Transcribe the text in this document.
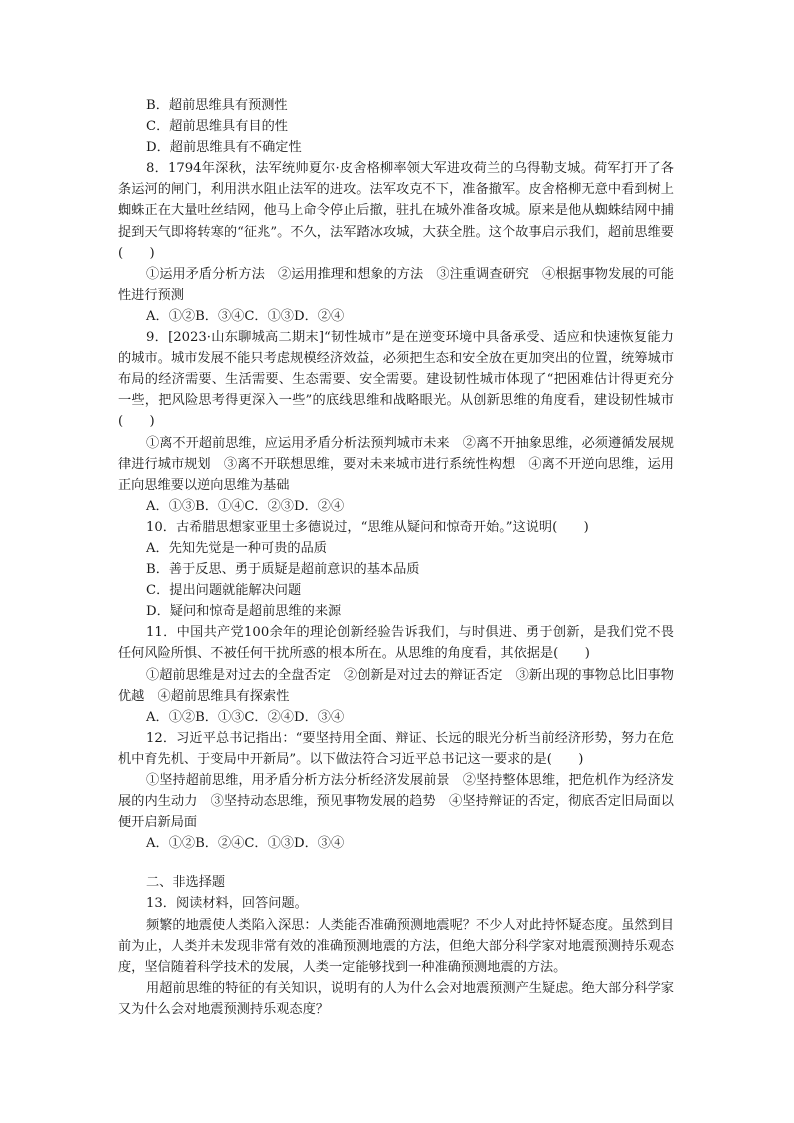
B．超前思维具有预测性

C．超前思维具有目的性

D．超前思维具有不确定性

8．1794年深秋，法军统帅夏尔·皮舍格柳率领大军进攻荷兰的乌得勒支城。荷军打开了各条运河的闸门，利用洪水阻止法军的进攻。法军攻克不下，准备撤军。皮舍格柳无意中看到树上蜘蛛正在大量吐丝结网，他马上命令停止后撤，驻扎在城外准备攻城。原来是他从蜘蛛结网中捕捉到天气即将转寒的“征兆”。不久，法军踏冰攻城，大获全胜。这个故事启示我们，超前思维要(　　)

①运用矛盾分析方法　②运用推理和想象的方法　③注重调查研究　④根据事物发展的可能性进行预测

A．①②B．③④C．①③D．②④

9．[2023·山东聊城高二期末]“韧性城市”是在逆变环境中具备承受、适应和快速恢复能力的城市。城市发展不能只考虑规模经济效益，必须把生态和安全放在更加突出的位置，统筹城市布局的经济需要、生活需要、生态需要、安全需要。建设韧性城市体现了“把困难估计得更充分一些，把风险思考得更深入一些”的底线思维和战略眼光。从创新思维的角度看，建设韧性城市(　　)

①离不开超前思维，应运用矛盾分析法预判城市未来　②离不开抽象思维，必须遵循发展规律进行城市规划　③离不开联想思维，要对未来城市进行系统性构想　④离不开逆向思维，运用正向思维要以逆向思维为基础

A．①③B．①④C．②③D．②④

10．古希腊思想家亚里士多德说过，“思维从疑问和惊奇开始。”这说明(　　)

A．先知先觉是一种可贵的品质

B．善于反思、勇于质疑是超前意识的基本品质

C．提出问题就能解决问题

D．疑问和惊奇是超前思维的来源

11．中国共产党100余年的理论创新经验告诉我们，与时俱进、勇于创新，是我们党不畏任何风险所惧、不被任何干扰所惑的根本所在。从思维的角度看，其依据是(　　)

①超前思维是对过去的全盘否定　②创新是对过去的辩证否定　③新出现的事物总比旧事物优越　④超前思维具有探索性

A．①②B．①③C．②④D．③④

12．习近平总书记指出：“要坚持用全面、辩证、长远的眼光分析当前经济形势，努力在危机中育先机、于变局中开新局”。以下做法符合习近平总书记这一要求的是(　　)

①坚持超前思维，用矛盾分析方法分析经济发展前景　②坚持整体思维，把危机作为经济发展的内生动力　③坚持动态思维，预见事物发展的趋势　④坚持辩证的否定，彻底否定旧局面以便开启新局面

A．①②B．②④C．①③D．③④

二、非选择题

13．阅读材料，回答问题。

频繁的地震使人类陷入深思：人类能否准确预测地震呢？不少人对此持怀疑态度。虽然到目前为止，人类并未发现非常有效的准确预测地震的方法，但绝大部分科学家对地震预测持乐观态度，坚信随着科学技术的发展，人类一定能够找到一种准确预测地震的方法。

用超前思维的特征的有关知识，说明有的人为什么会对地震预测产生疑虑。绝大部分科学家又为什么会对地震预测持乐观态度？
